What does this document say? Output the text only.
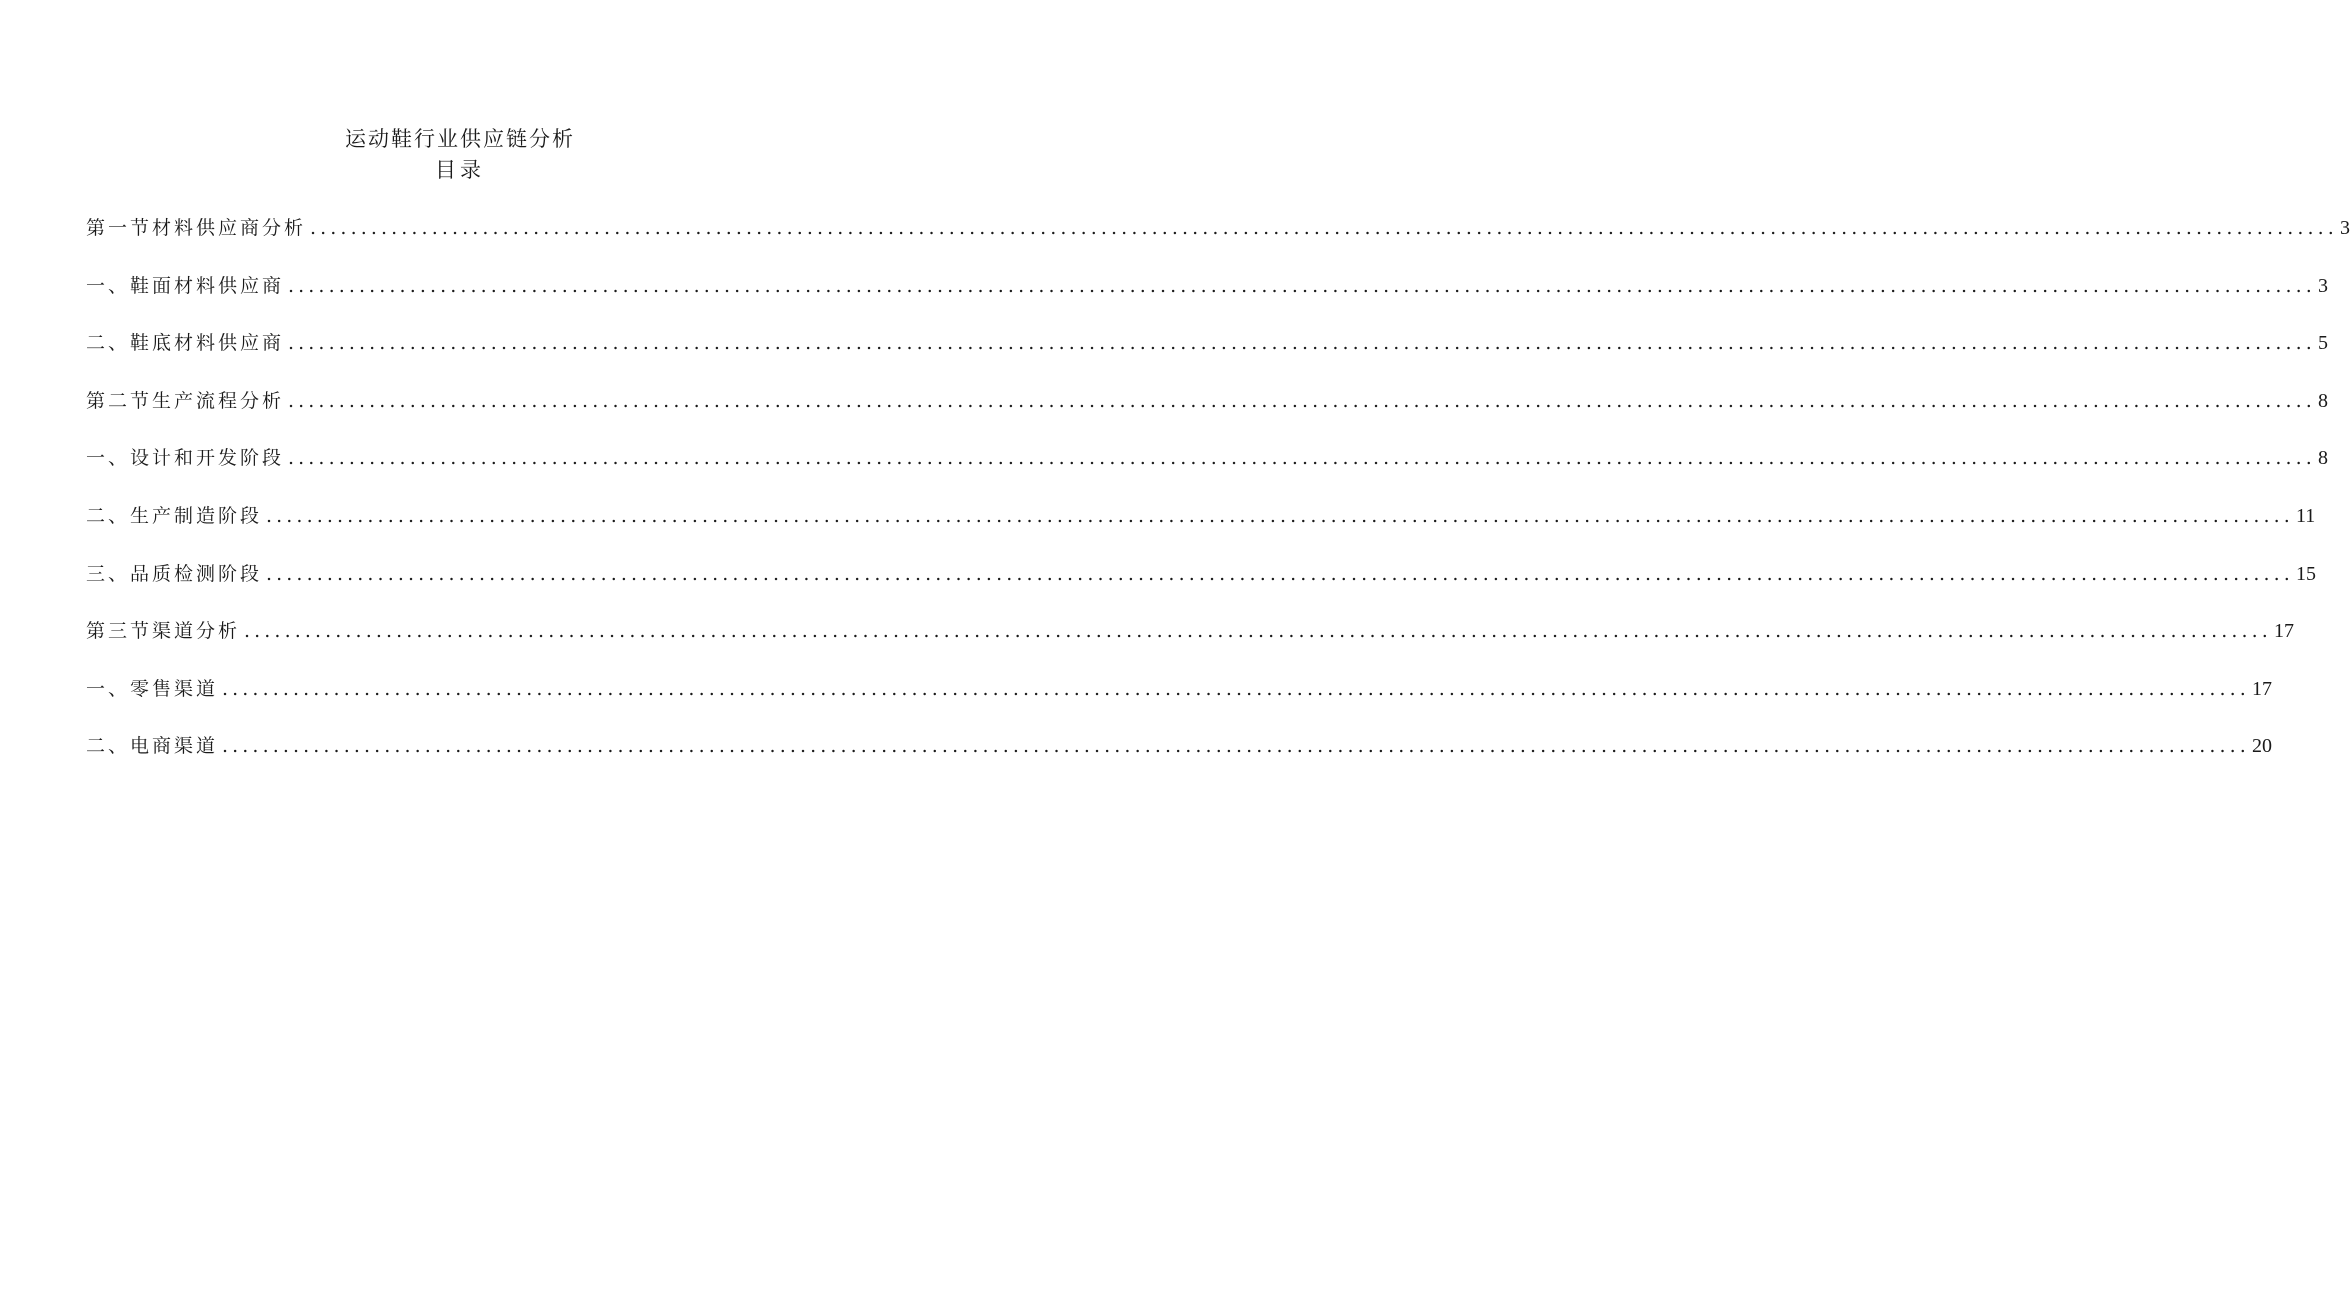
运动鞋行业供应链分析
目录
第一节材料供应商分析 ........................................................................................................................................................................................................ 3
一、鞋面材料供应商 ........................................................................................................................................................................................................ 3
二、鞋底材料供应商 ........................................................................................................................................................................................................ 5
第二节生产流程分析 ........................................................................................................................................................................................................ 8
一、设计和开发阶段 ........................................................................................................................................................................................................ 8
二、生产制造阶段 ........................................................................................................................................................................................................ 11
三、品质检测阶段 ........................................................................................................................................................................................................ 15
第三节渠道分析 ........................................................................................................................................................................................................ 17
一、零售渠道 ........................................................................................................................................................................................................ 17
二、电商渠道 ........................................................................................................................................................................................................ 20
